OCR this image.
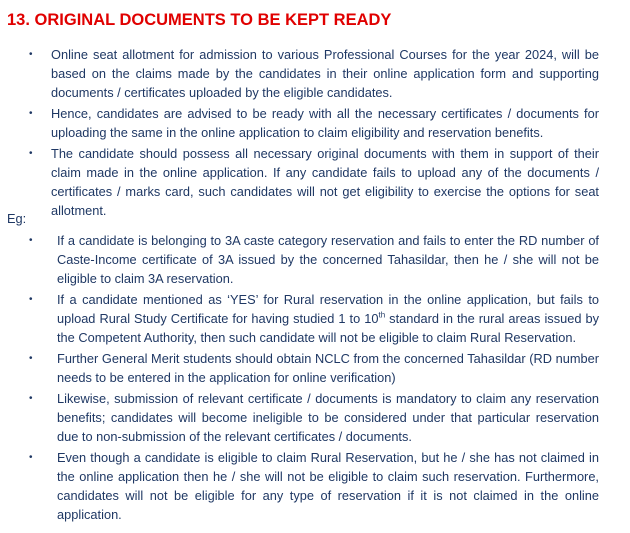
13. ORIGINAL DOCUMENTS TO BE KEPT READY
• Online seat allotment for admission to various Professional Courses for the year 2024, will be based on the claims made by the candidates in their online application form and supporting documents / certificates uploaded by the eligible candidates.
• Hence, candidates are advised to be ready with all the necessary certificates / documents for uploading the same in the online application to claim eligibility and reservation benefits.
• The candidate should possess all necessary original documents with them in support of their claim made in the online application. If any candidate fails to upload any of the documents / certificates / marks card, such candidates will not get eligibility to exercise the options for seat allotment.
Eg:
• If a candidate is belonging to 3A caste category reservation and fails to enter the RD number of Caste-Income certificate of 3A issued by the concerned Tahasildar, then he / she will not be eligible to claim 3A reservation.
• If a candidate mentioned as ‘YES’ for Rural reservation in the online application, but fails to upload Rural Study Certificate for having studied 1 to 10th standard in the rural areas issued by the Competent Authority, then such candidate will not be eligible to claim Rural Reservation.
• Further General Merit students should obtain NCLC from the concerned Tahasildar (RD number needs to be entered in the application for online verification)
• Likewise, submission of relevant certificate / documents is mandatory to claim any reservation benefits; candidates will become ineligible to be considered under that particular reservation due to non-submission of the relevant certificates / documents.
• Even though a candidate is eligible to claim Rural Reservation, but he / she has not claimed in the online application then he / she will not be eligible to claim such reservation. Furthermore, candidates will not be eligible for any type of reservation if it is not claimed in the online application.
